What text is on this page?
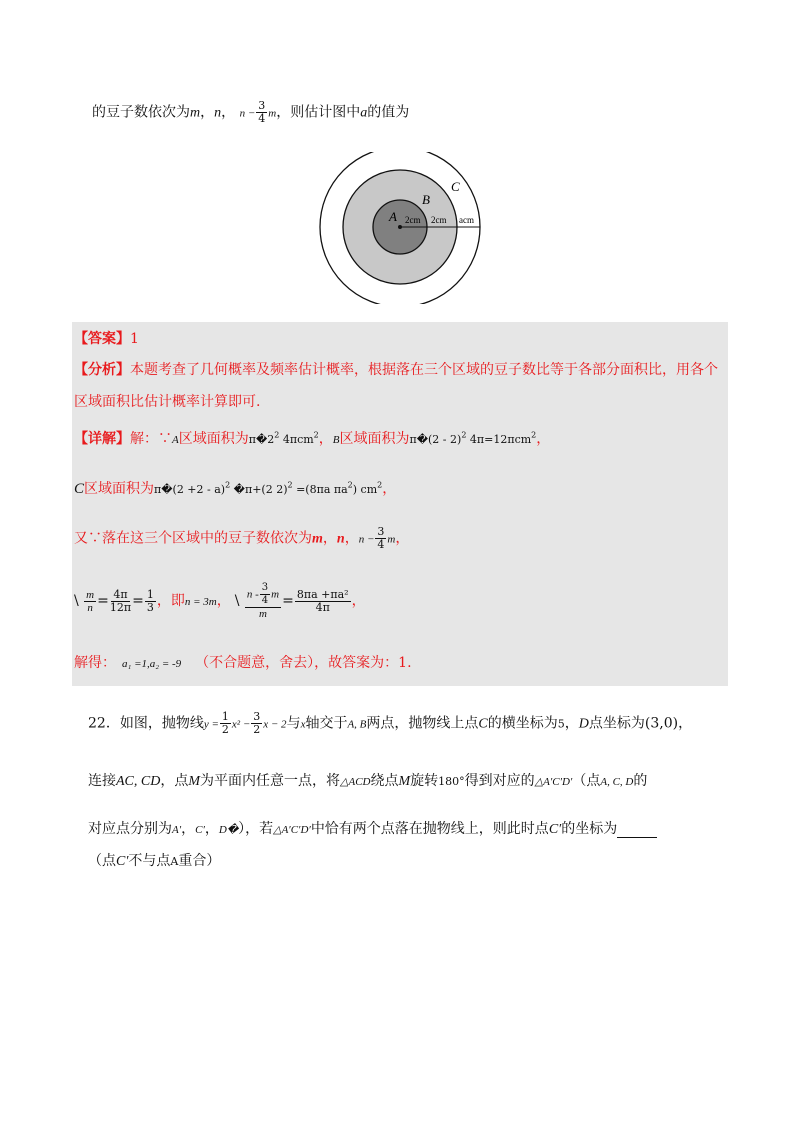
的豆子数依次为m，n， $n - \frac{3}{4}$ m，则估计图中a的值为
A
B
C
2cm 2cm acm
【答案】1
【分析】本题考查了几何概率及频率估计概率，根据落在三个区域的豆子数比等于各部分面积比，用各个
区域面积比估计概率计算即可.
【详解】解：∵A区域面积为$\pi�2^2$ 4πcm$^2$，B区域面积为π�(2 - 2)$^2$ 4π=12πcm$^2$，
C区域面积为π�(2 +2 - a)$^2$ �π+(2 2)$^2$ =(8πa $\pi a^2$) $cm^2$，
又∵落在这三个区域中的豆子数依次为m，n，$n - \frac{3}{4}$ m，
\ $\frac{m}{n} = \frac{4\pi}{12\pi} = \frac{1}{3}$ ，即n = 3m， \ $\frac{n - \frac{3}{4} m}{m} = \frac{\text{8πa +πa²}}{4\pi}$ ，
解得： a₁ =1,a₂ = -9 （不合题意，舍去），故答案为：1.
22．如图，抛物线$y = \frac{1}{2} x^2 - \frac{3}{2}$ x − 2与x轴交于A, B两点，抛物线上点C的横坐标为5，D点坐标为(3,0)，
连接AC, CD，点M为平面内任意一点，将△ACD绕点M旋转180°得到对应的△A′C′D′（点A, C, D的
对应点分别为A′，C′，D�），若△A′C′D′中恰有两个点落在抛物线上，则此时点C′的坐标为
（点C′不与点A重合）
